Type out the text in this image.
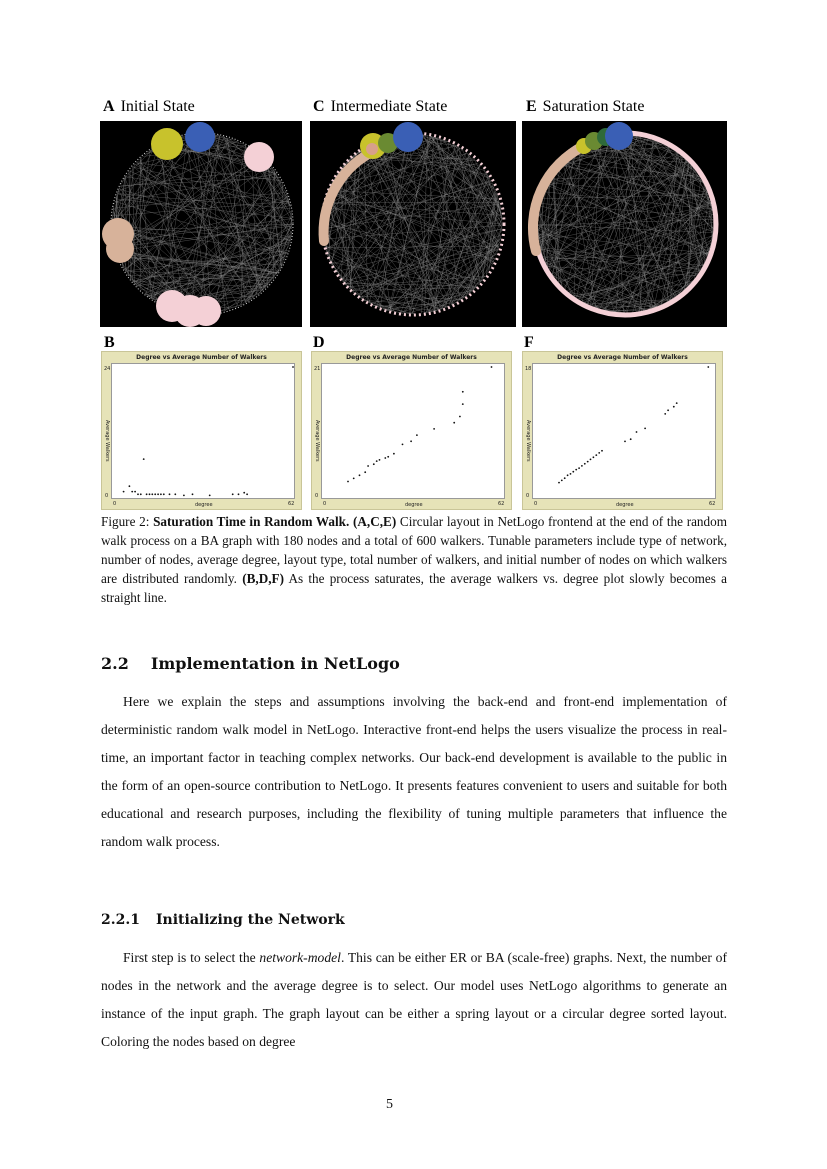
A Initial State	C Intermediate State	E Saturation State
B	D	F
Degree vs Average Number of Walkers
24
0
Average Walkers
0	degree	62
Degree vs Average Number of Walkers
21
0
Average Walkers
0	degree	62
Degree vs Average Number of Walkers
18
0
Average Walkers
0	degree	62
Figure 2: Saturation Time in Random Walk. (A,C,E) Circular layout in NetLogo frontend at the end of the random walk process on a BA graph with 180 nodes and a total of 600 walkers. Tunable parameters include type of network, number of nodes, average degree, layout type, total number of walkers, and initial number of nodes on which walkers are distributed randomly. (B,D,F) As the process saturates, the average walkers vs. degree plot slowly becomes a straight line.
2.2 Implementation in NetLogo
Here we explain the steps and assumptions involving the back-end and front-end implementation of deterministic random walk model in NetLogo. Interactive front-end helps the users visualize the process in real-time, an important factor in teaching complex networks. Our back-end development is available to the public in the form of an open-source contribution to NetLogo. It presents features convenient to users and suitable for both educational and research purposes, including the flexibility of tuning multiple parameters that influence the random walk process.
2.2.1 Initializing the Network
First step is to select the network-model. This can be either ER or BA (scale-free) graphs. Next, the number of nodes in the network and the average degree is to select. Our model uses NetLogo algorithms to generate an instance of the input graph. The graph layout can be either a spring layout or a circular degree sorted layout. Coloring the nodes based on degree
5
